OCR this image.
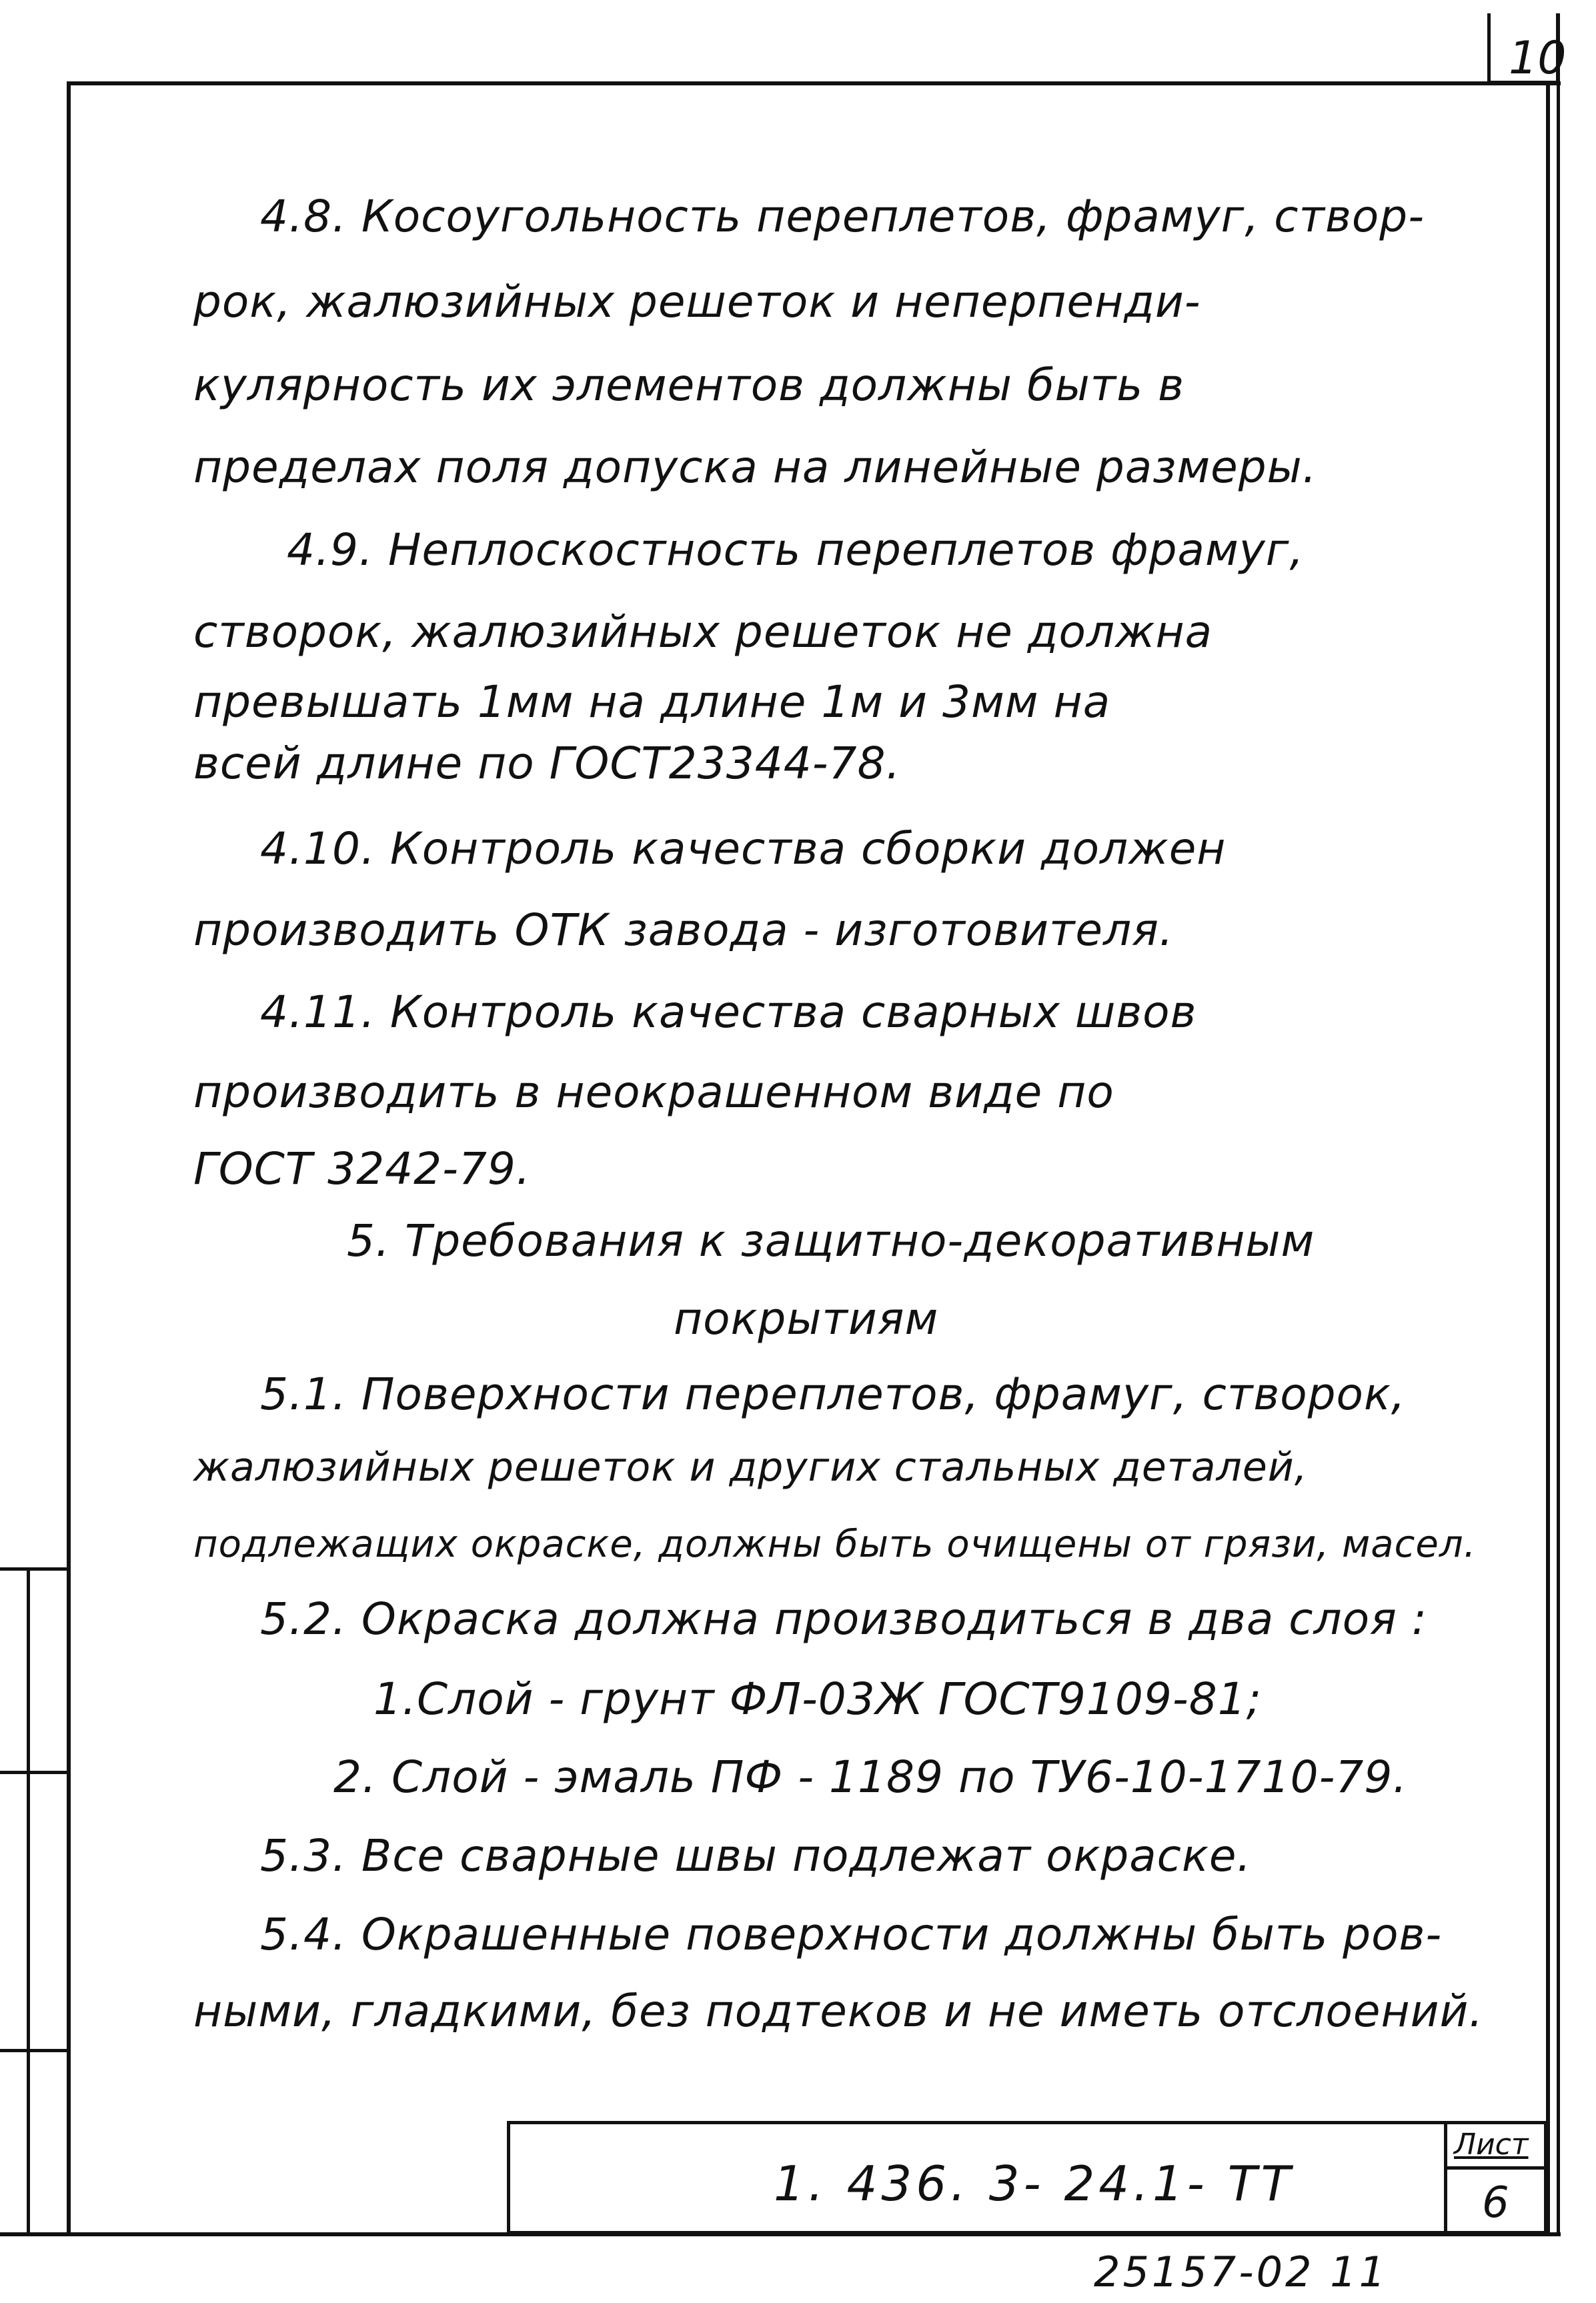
10
4.8. Косоугольность переплетов, фрамуг, створ-
рок, жалюзийных решеток и неперпенди-
кулярность их элементов должны быть в
пределах поля допуска на линейные размеры.
4.9. Неплоскостность переплетов фрамуг,
створок, жалюзийных решеток не должна
превышать 1мм на длине 1м и 3мм на
всей длине по ГОСТ23344-78.
4.10. Контроль качества сборки должен
производить ОТК завода - изготовителя.
4.11. Контроль качества сварных швов
производить в неокрашенном виде по
ГОСТ 3242-79.
5. Требования к защитно-декоративным
покрытиям
5.1. Поверхности переплетов, фрамуг, створок,
жалюзийных решеток и других стальных деталей,
подлежащих окраске, должны быть очищены от грязи, масел.
5.2. Окраска должна производиться в два слоя :
1.Слой - грунт ФЛ-03Ж ГОСТ9109-81;
2. Слой - эмаль ПФ - 1189 по ТУ6-10-1710-79.
5.3. Все сварные швы подлежат окраске.
5.4. Окрашенные поверхности должны быть ров-
ными, гладкими, без подтеков и не иметь отслоений.
1. 436. 3- 24.1- TT
Лист
6
25157-02 11
